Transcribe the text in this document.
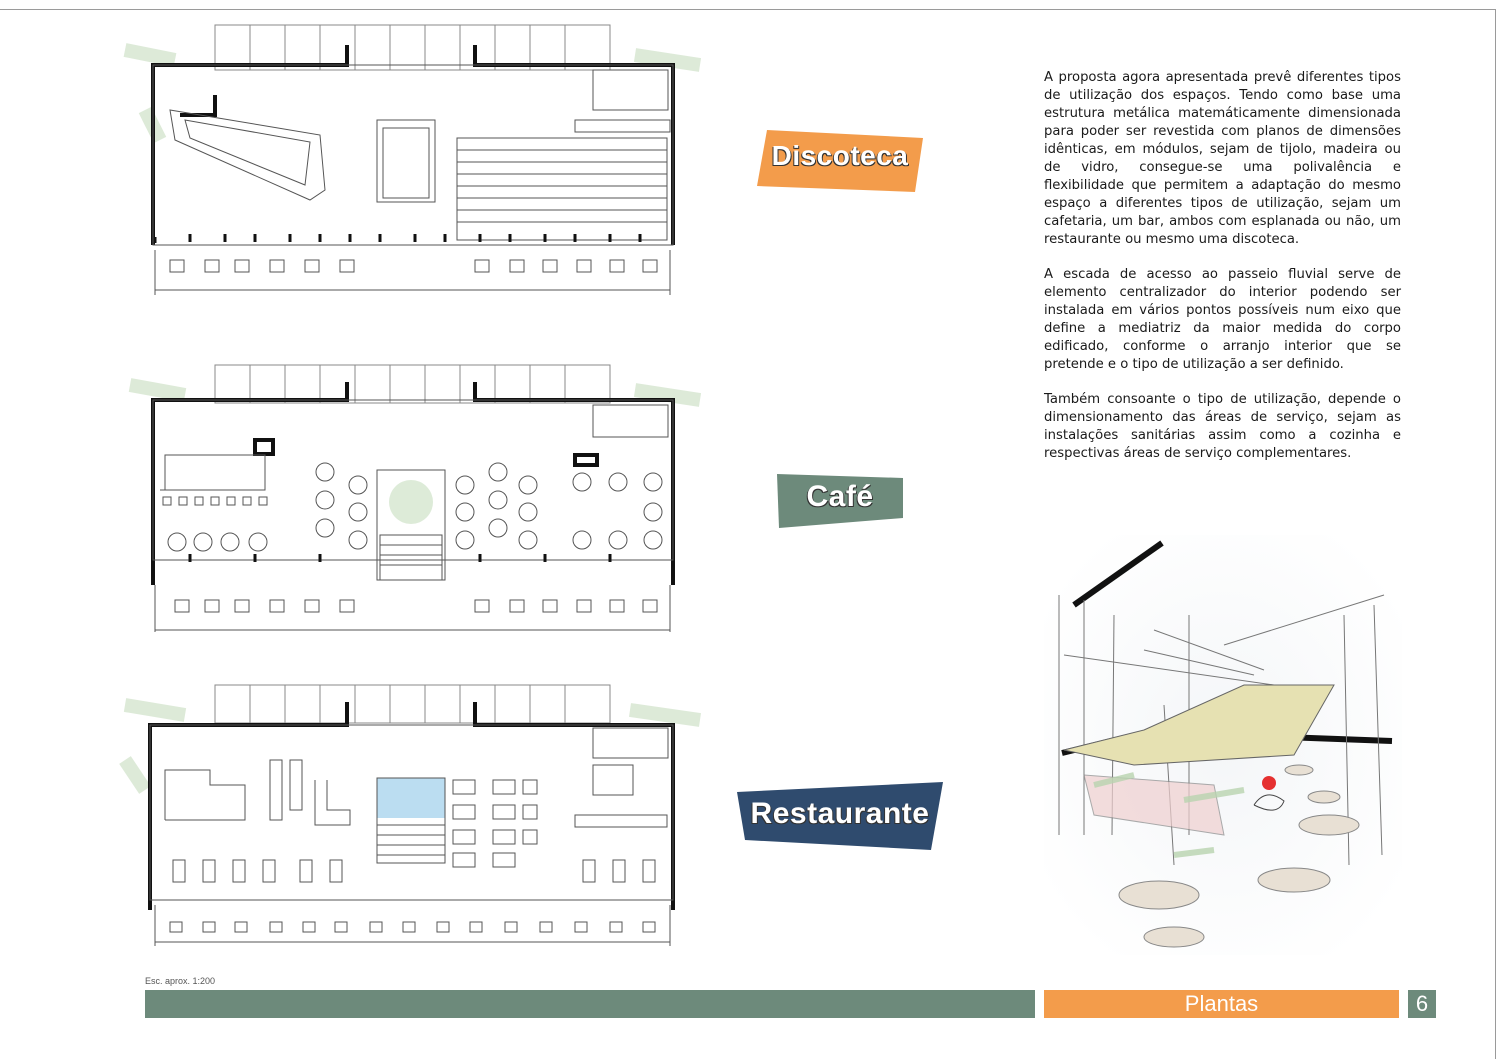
Discoteca
Café
Restaurante

A proposta agora apresentada prevê diferentes tipos de utilização dos espaços. Tendo como base uma estrutura metálica matemáticamente dimensionada para poder ser revestida com planos de dimensões idênticas, em módulos, sejam de tijolo, madeira ou de vidro, consegue-se uma polivalência e flexibilidade que permitem a adaptação do mesmo espaço a diferentes tipos de utilização, sejam um cafetaria, um bar, ambos com esplanada ou não, um restaurante ou mesmo uma discoteca.

A escada de acesso ao passeio fluvial serve de elemento centralizador do interior podendo ser instalada em vários pontos possíveis num eixo que define a mediatriz da maior medida do corpo edificado, conforme o arranjo interior que se pretende e o tipo de utilização a ser definido.

Também consoante o tipo de utilização, depende o dimensionamento das áreas de serviço, sejam as instalações sanitárias assim como a cozinha e respectivas áreas de serviço complementares.

Esc. aprox. 1:200
Plantas	6
